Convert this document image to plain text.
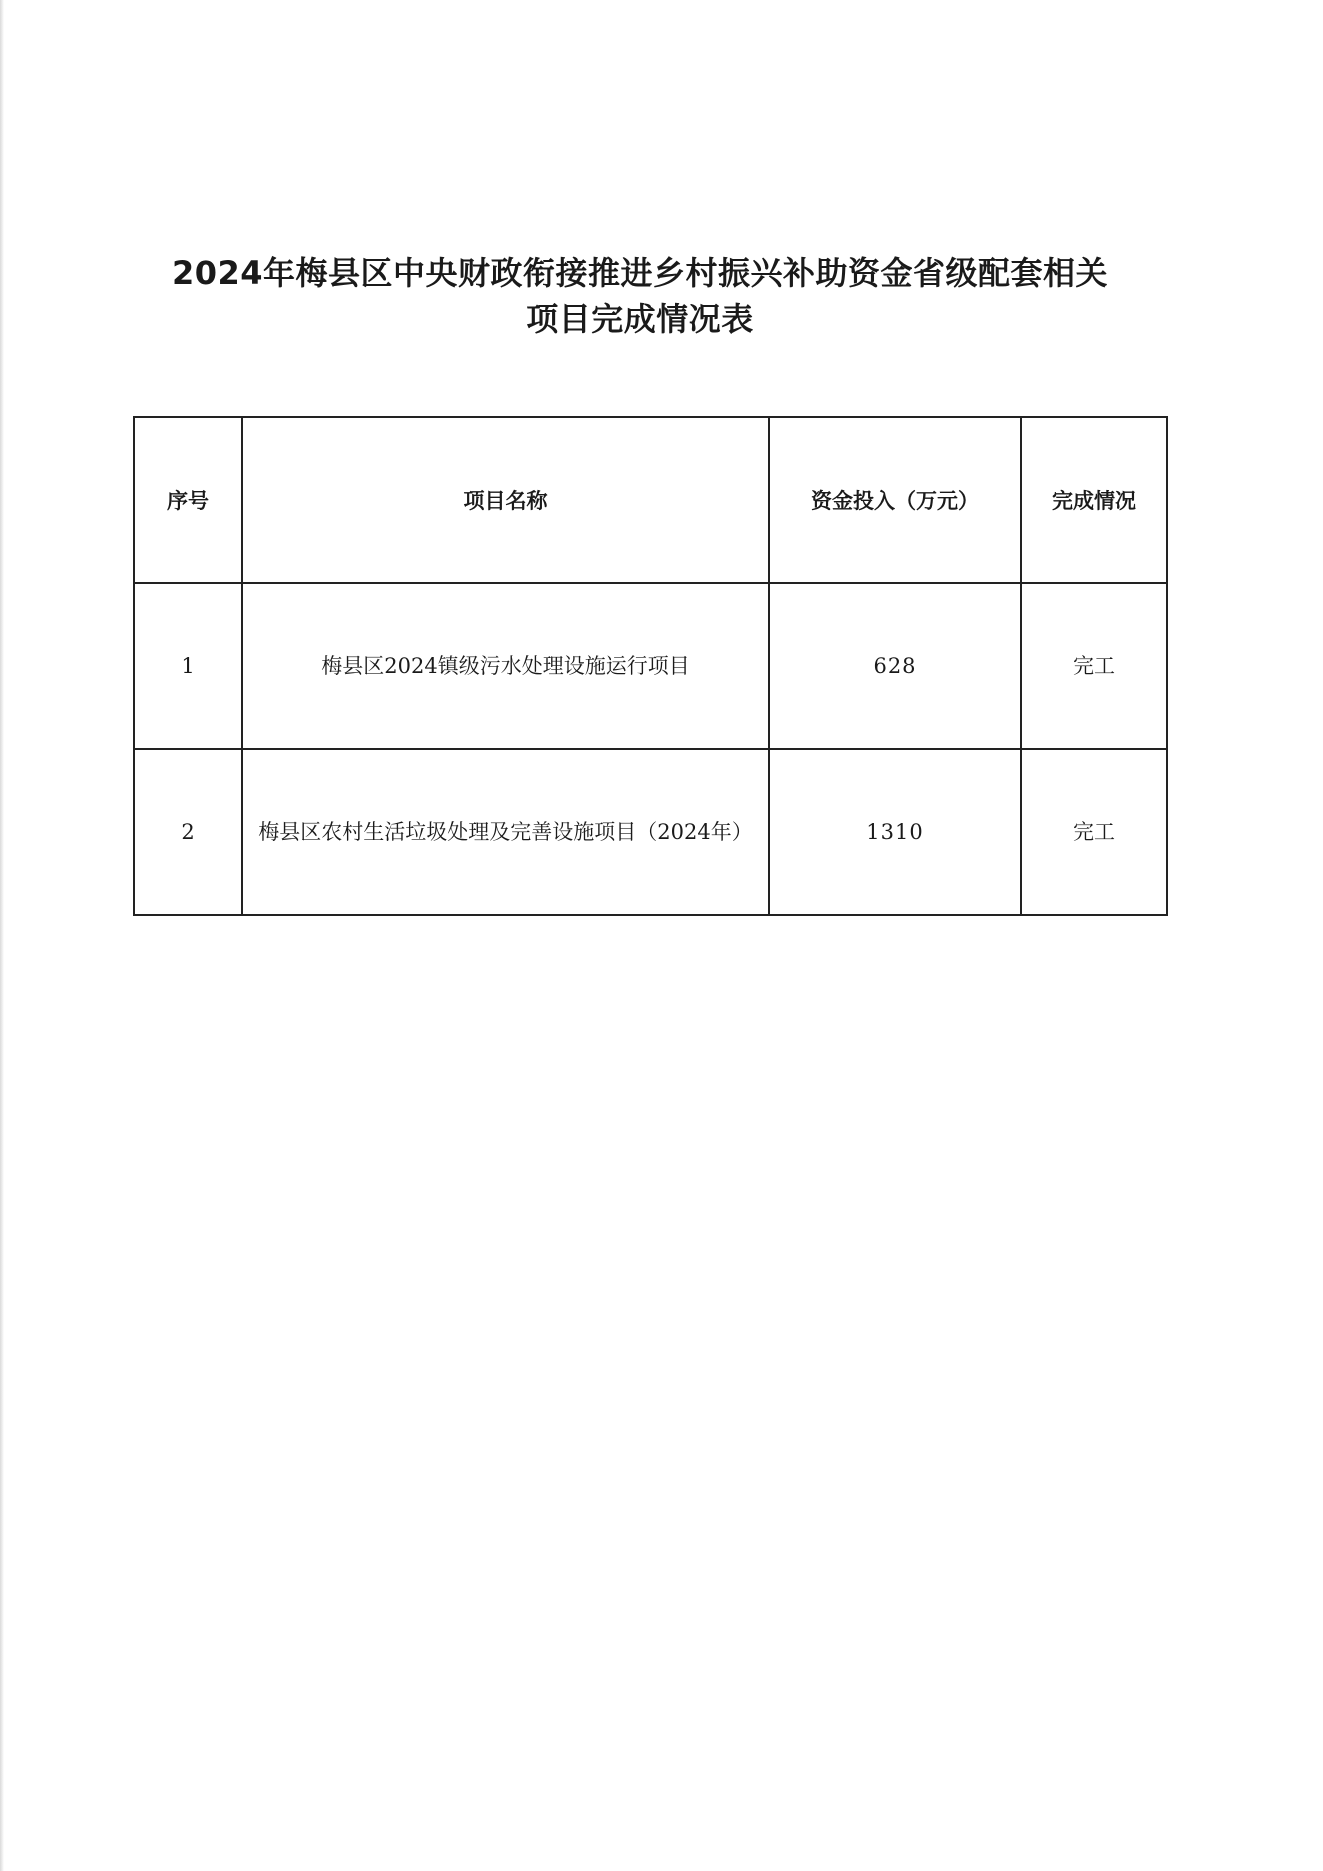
2024年梅县区中央财政衔接推进乡村振兴补助资金省级配套相关
项目完成情况表
序号	项目名称	资金投入（万元）	完成情况
1	梅县区2024镇级污水处理设施运行项目	628	完工
2	梅县区农村生活垃圾处理及完善设施项目（2024年）	1310	完工
